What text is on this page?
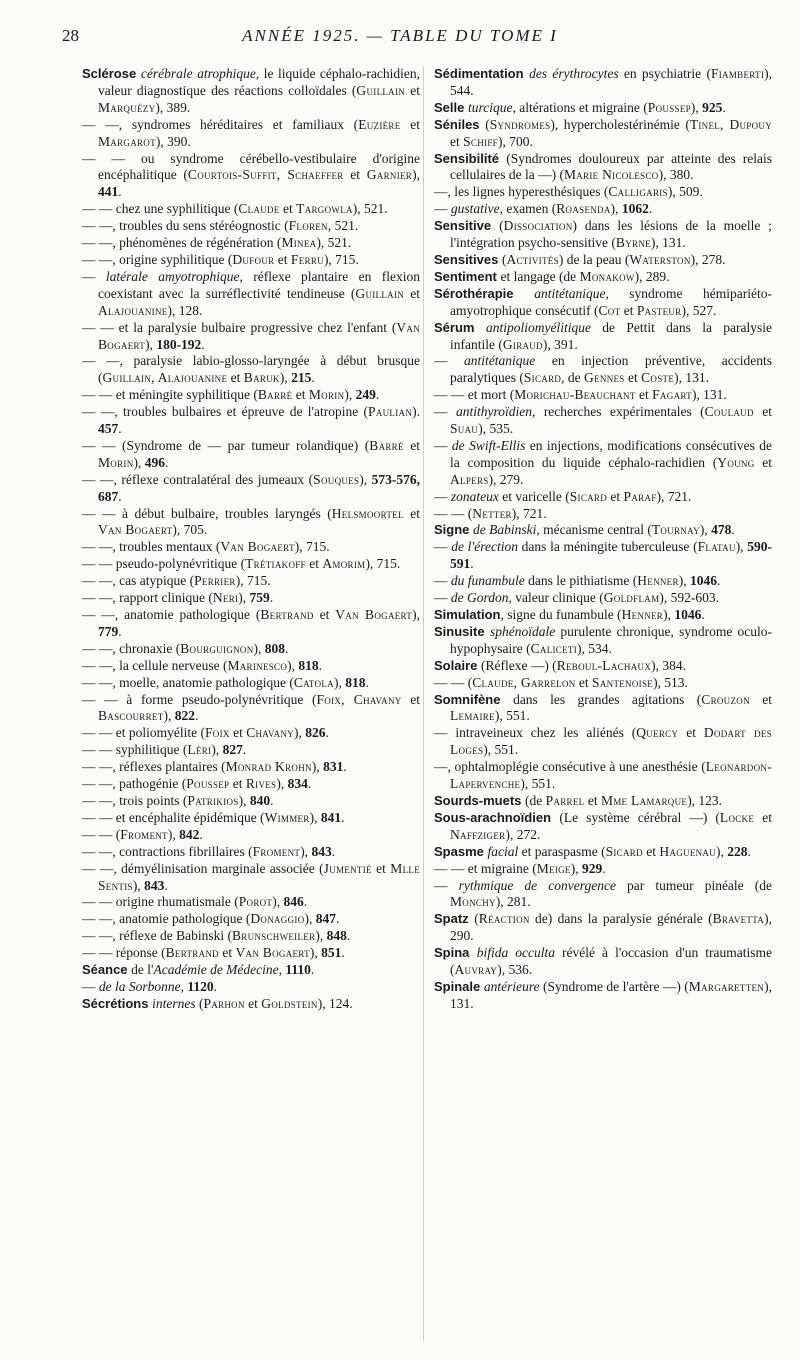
28	ANNÉE 1925. — TABLE DU TOME I

Sclérose cérébrale atrophique, le liquide céphalo-rachidien, valeur diagnostique des réactions colloïdales (Guillain et Marquézy), 389.

— —, syndromes héréditaires et familiaux (Euzière et Margarot), 390.

— — ou syndrome cérébello-vestibulaire d'origine encéphalitique (Courtois-Suffit, Schaeffer et Garnier), 441.

— — chez une syphilitique (Claude et Targowla), 521.

— —, troubles du sens stéréognostic (Floren, 521.

— —, phénomènes de régénération (Minea), 521.

— —, origine syphilitique (Dufour et Ferru), 715.

— latérale amyotrophique, réflexe plantaire en flexion coexistant avec la surréflectivité tendineuse (Guillain et Alajouanine), 128.

— — et la paralysie bulbaire progressive chez l'enfant (Van Bogaert), 180-192.

— —, paralysie labio-glosso-laryngée à début brusque (Guillain, Alajouanine et Baruk), 215.

— — et méningite syphilitique (Barré et Morin), 249.

— —, troubles bulbaires et épreuve de l'atropine (Paulian). 457.

— — (Syndrome de — par tumeur rolandique) (Barré et Morin), 496.

— —, réflexe contralatéral des jumeaux (Souques), 573-576, 687.

— — à début bulbaire, troubles laryngés (Helsmoortel et Van Bogaert), 705.

— —, troubles mentaux (Van Bogaert), 715.

— — pseudo-polynévritique (Trétiakoff et Amorim), 715.

— —, cas atypique (Perrier), 715.

— —, rapport clinique (Neri), 759.

— —, anatomie pathologique (Bertrand et Van Bogaert), 779.

— —, chronaxie (Bourguignon), 808.

— —, la cellule nerveuse (Marinesco), 818.

— —, moelle, anatomie pathologique (Catola), 818.

— — à forme pseudo-polynévritique (Foix, Chavany et Bascourret), 822.

— — et poliomyélite (Foix et Chavany), 826.

— — syphilitique (Léri), 827.

— —, réflexes plantaires (Monrad Krohn), 831.

— —, pathogénie (Poussep et Rives), 834.

— —, trois points (Patrikios), 840.

— — et encéphalite épidémique (Wimmer), 841.

— — (Froment), 842.

— —, contractions fibrillaires (Froment), 843.

— —, démyélinisation marginale associée (Jumentié et Mlle Sentis), 843.

— — origine rhumatismale (Porot), 846.

— —, anatomie pathologique (Donaggio), 847.

— —, réflexe de Babinski (Brunschweiler), 848.

— — réponse (Bertrand et Van Bogaert), 851.

Séance de l'Académie de Médecine, 1110.

— de la Sorbonne, 1120.

Sécrétions internes (Parhon et Goldstein), 124.

Sédimentation des érythrocytes en psychiatrie (Fiamberti), 544.

Selle turcique, altérations et migraine (Poussep), 925.

Séniles (Syndromes), hypercholestérinémie (Tinel, Dupouy et Schiff), 700.

Sensibilité (Syndromes douloureux par atteinte des relais cellulaires de la —) (Marie Nicolesco), 380.

—, les lignes hyperesthésiques (Calligaris), 509.

— gustative, examen (Roasenda), 1062.

Sensitive (Dissociation) dans les lésions de la moelle ; l'intégration psycho-sensitive (Byrne), 131.

Sensitives (Activités) de la peau (Waterston), 278.

Sentiment et langage (de Monakow), 289.

Sérothérapie antitétanique, syndrome hémipariéto-amyotrophique consécutif (Cot et Pasteur), 527.

Sérum antipoliomyélitique de Pettit dans la paralysie infantile (Giraud), 391.

— antitétanique en injection préventive, accidents paralytiques (Sicard, de Gennes et Coste), 131.

— — et mort (Morichau-Beauchant et Fagart), 131.

— antithyroïdien, recherches expérimentales (Coulaud et Suau), 535.

— de Swift-Ellis en injections, modifications consécutives de la composition du liquide céphalo-rachidien (Young et Alpers), 279.

— zonateux et varicelle (Sicard et Paraf), 721.

— — (Netter), 721.

Signe de Babinski, mécanisme central (Tournay), 478.

— de l'érection dans la méningite tuberculeuse (Flatau), 590-591.

— du funambule dans le pithiatisme (Henner), 1046.

— de Gordon, valeur clinique (Goldflam), 592-603.

Simulation, signe du funambule (Henner), 1046.

Sinusite sphénoïdale purulente chronique, syndrome oculo-hypophysaire (Caliceti), 534.

Solaire (Réflexe —) (Reboul-Lachaux), 384.

— — (Claude, Garrelon et Santenoise), 513.

Somnifène dans les grandes agitations (Crouzon et Lemaire), 551.

— intraveineux chez les aliénés (Quercy et Dodart des Loges), 551.

—, ophtalmoplégie consécutive à une anesthésie (Leonardon-Lapervenche), 551.

Sourds-muets (de Parrel et Mme Lamarque), 123.

Sous-arachnoïdien (Le système cérébral —) (Locke et Naffziger), 272.

Spasme facial et paraspasme (Sicard et Haguenau), 228.

— — et migraine (Meige), 929.

— rythmique de convergence par tumeur pinéale (de Monchy), 281.

Spatz (Réaction de) dans la paralysie générale (Bravetta), 290.

Spina bifida occulta révélé à l'occasion d'un traumatisme (Auvray), 536.

Spinale antérieure (Syndrome de l'artère —) (Margaretten), 131.
